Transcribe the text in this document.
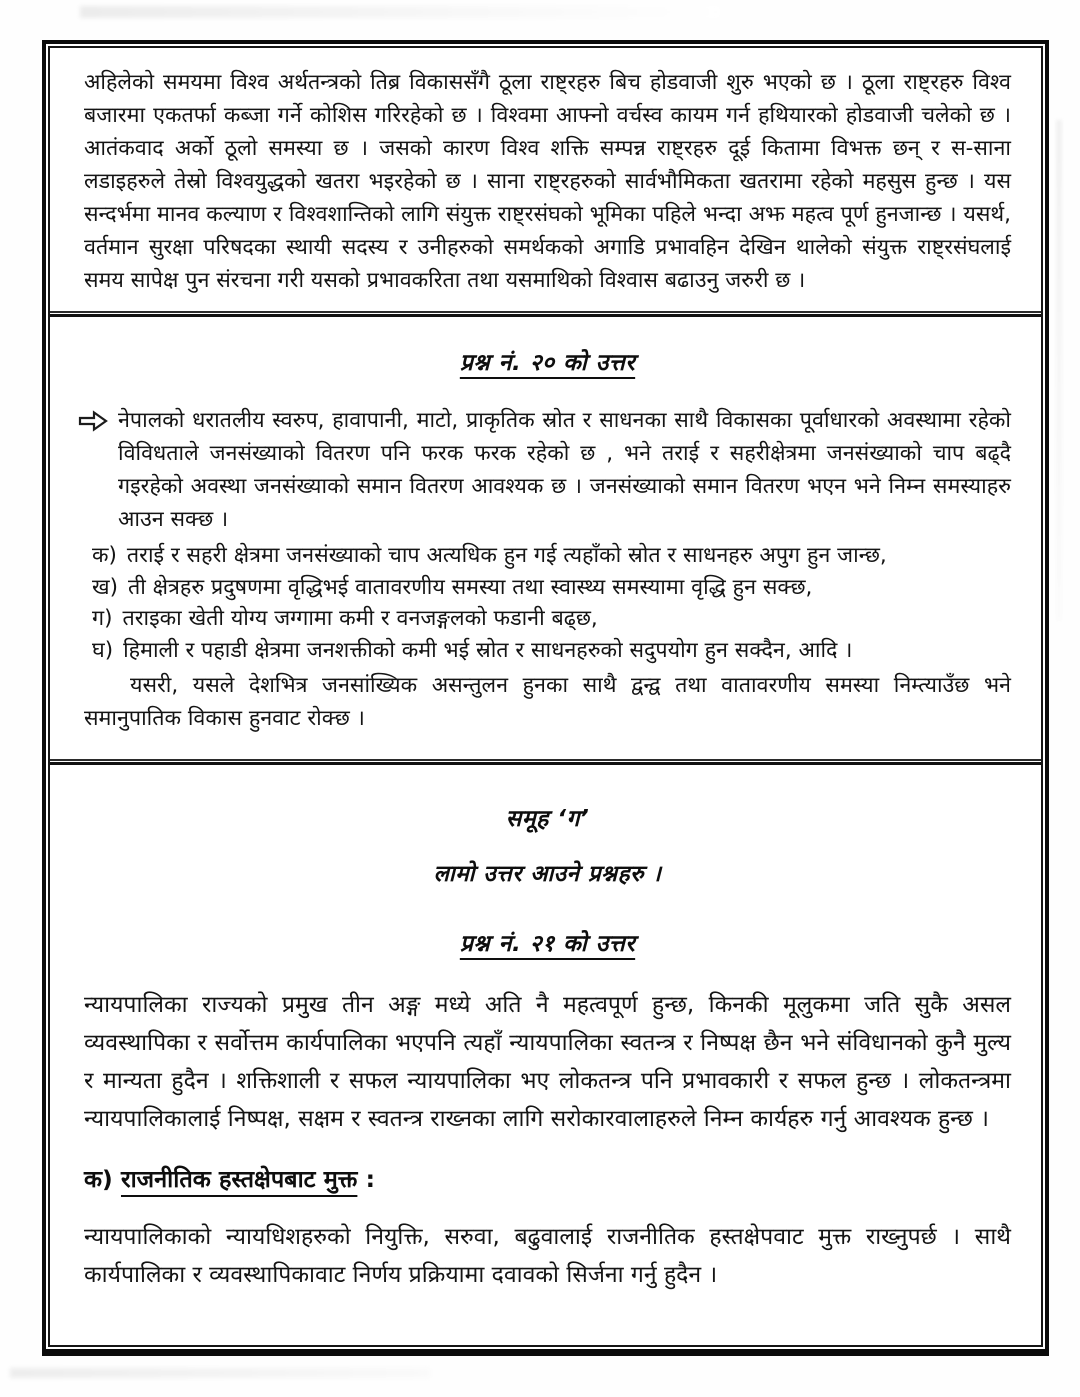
अहिलेको समयमा विश्व अर्थतन्त्रको तिब्र विकाससँगै ठूला राष्ट्रहरु बिच होडवाजी शुरु भएको छ । ठूला राष्ट्रहरु विश्व बजारमा एकतर्फा कब्जा गर्ने कोशिस गरिरहेको छ । विश्वमा आफ्नो वर्चस्व कायम गर्न हथियारको होडवाजी चलेको छ । आतंकवाद अर्को ठूलो समस्या छ । जसको कारण विश्व शक्ति सम्पन्न राष्ट्रहरु दूई कितामा विभक्त छन् र स-साना लडाइहरुले तेस्रो विश्वयुद्धको खतरा भइरहेको छ । साना राष्ट्रहरुको सार्वभौमिकता खतरामा रहेको महसुस हुन्छ । यस सन्दर्भमा मानव कल्याण र विश्वशान्तिको लागि संयुक्त राष्ट्रसंघको भूमिका पहिले भन्दा अझ महत्व पूर्ण हुनजान्छ । यसर्थ, वर्तमान सुरक्षा परिषदका स्थायी सदस्य र उनीहरुको समर्थकको अगाडि प्रभावहिन देखिन थालेको संयुक्त राष्ट्रसंघलाई समय सापेक्ष पुन संरचना गरी यसको प्रभावकरिता तथा यसमाथिको विश्वास बढाउनु जरुरी छ ।

प्रश्न नं. २० को उत्तर

नेपालको धरातलीय स्वरुप, हावापानी, माटो, प्राकृतिक स्रोत र साधनका साथै विकासका पूर्वाधारको अवस्थामा रहेको विविधताले जनसंख्याको वितरण पनि फरक फरक रहेको छ , भने तराई र सहरीक्षेत्रमा जनसंख्याको चाप बढ्दै गइरहेको अवस्था जनसंख्याको समान वितरण आवश्यक छ । जनसंख्याको समान वितरण भएन भने निम्न समस्याहरु आउन सक्छ ।

क) तराई र सहरी क्षेत्रमा जनसंख्याको चाप अत्यधिक हुन गई त्यहाँको स्रोत र साधनहरु अपुग हुन जान्छ,
ख) ती क्षेत्रहरु प्रदुषणमा वृद्धिभई वातावरणीय समस्या तथा स्वास्थ्य समस्यामा वृद्धि हुन सक्छ,
ग) तराइका खेती योग्य जग्गामा कमी र वनजङ्गलको फडानी बढ्छ,
घ) हिमाली र पहाडी क्षेत्रमा जनशक्तीको कमी भई स्रोत र साधनहरुको सदुपयोग हुन सक्दैन, आदि ।

यसरी, यसले देशभित्र जनसांख्यिक असन्तुलन हुनका साथै द्वन्द्व तथा वातावरणीय समस्या निम्त्याउँछ भने समानुपातिक विकास हुनवाट रोक्छ ।

समूह ‘ग’
लामो उत्तर आउने प्रश्नहरु ।
प्रश्न नं. २१ को उत्तर

न्यायपालिका राज्यको प्रमुख तीन अङ्ग मध्ये अति नै महत्वपूर्ण हुन्छ, किनकी मूलुकमा जति सुकै असल व्यवस्थापिका र सर्वोत्तम कार्यपालिका भएपनि त्यहाँ न्यायपालिका स्वतन्त्र र निष्पक्ष छैन भने संविधानको कुनै मुल्य र मान्यता हुदैन । शक्तिशाली र सफल न्यायपालिका भए लोकतन्त्र पनि प्रभावकारी र सफल हुन्छ । लोकतन्त्रमा न्यायपालिकालाई निष्पक्ष, सक्षम र स्वतन्त्र राख्नका लागि सरोकारवालाहरुले निम्न कार्यहरु गर्नु आवश्यक हुन्छ ।

क) राजनीतिक हस्तक्षेपबाट मुक्त :

न्यायपालिकाको न्यायधिशहरुको नियुक्ति, सरुवा, बढुवालाई राजनीतिक हस्तक्षेपवाट मुक्त राख्नुपर्छ । साथै कार्यपालिका र व्यवस्थापिकावाट निर्णय प्रक्रियामा दवावको सिर्जना गर्नु हुदैन ।
